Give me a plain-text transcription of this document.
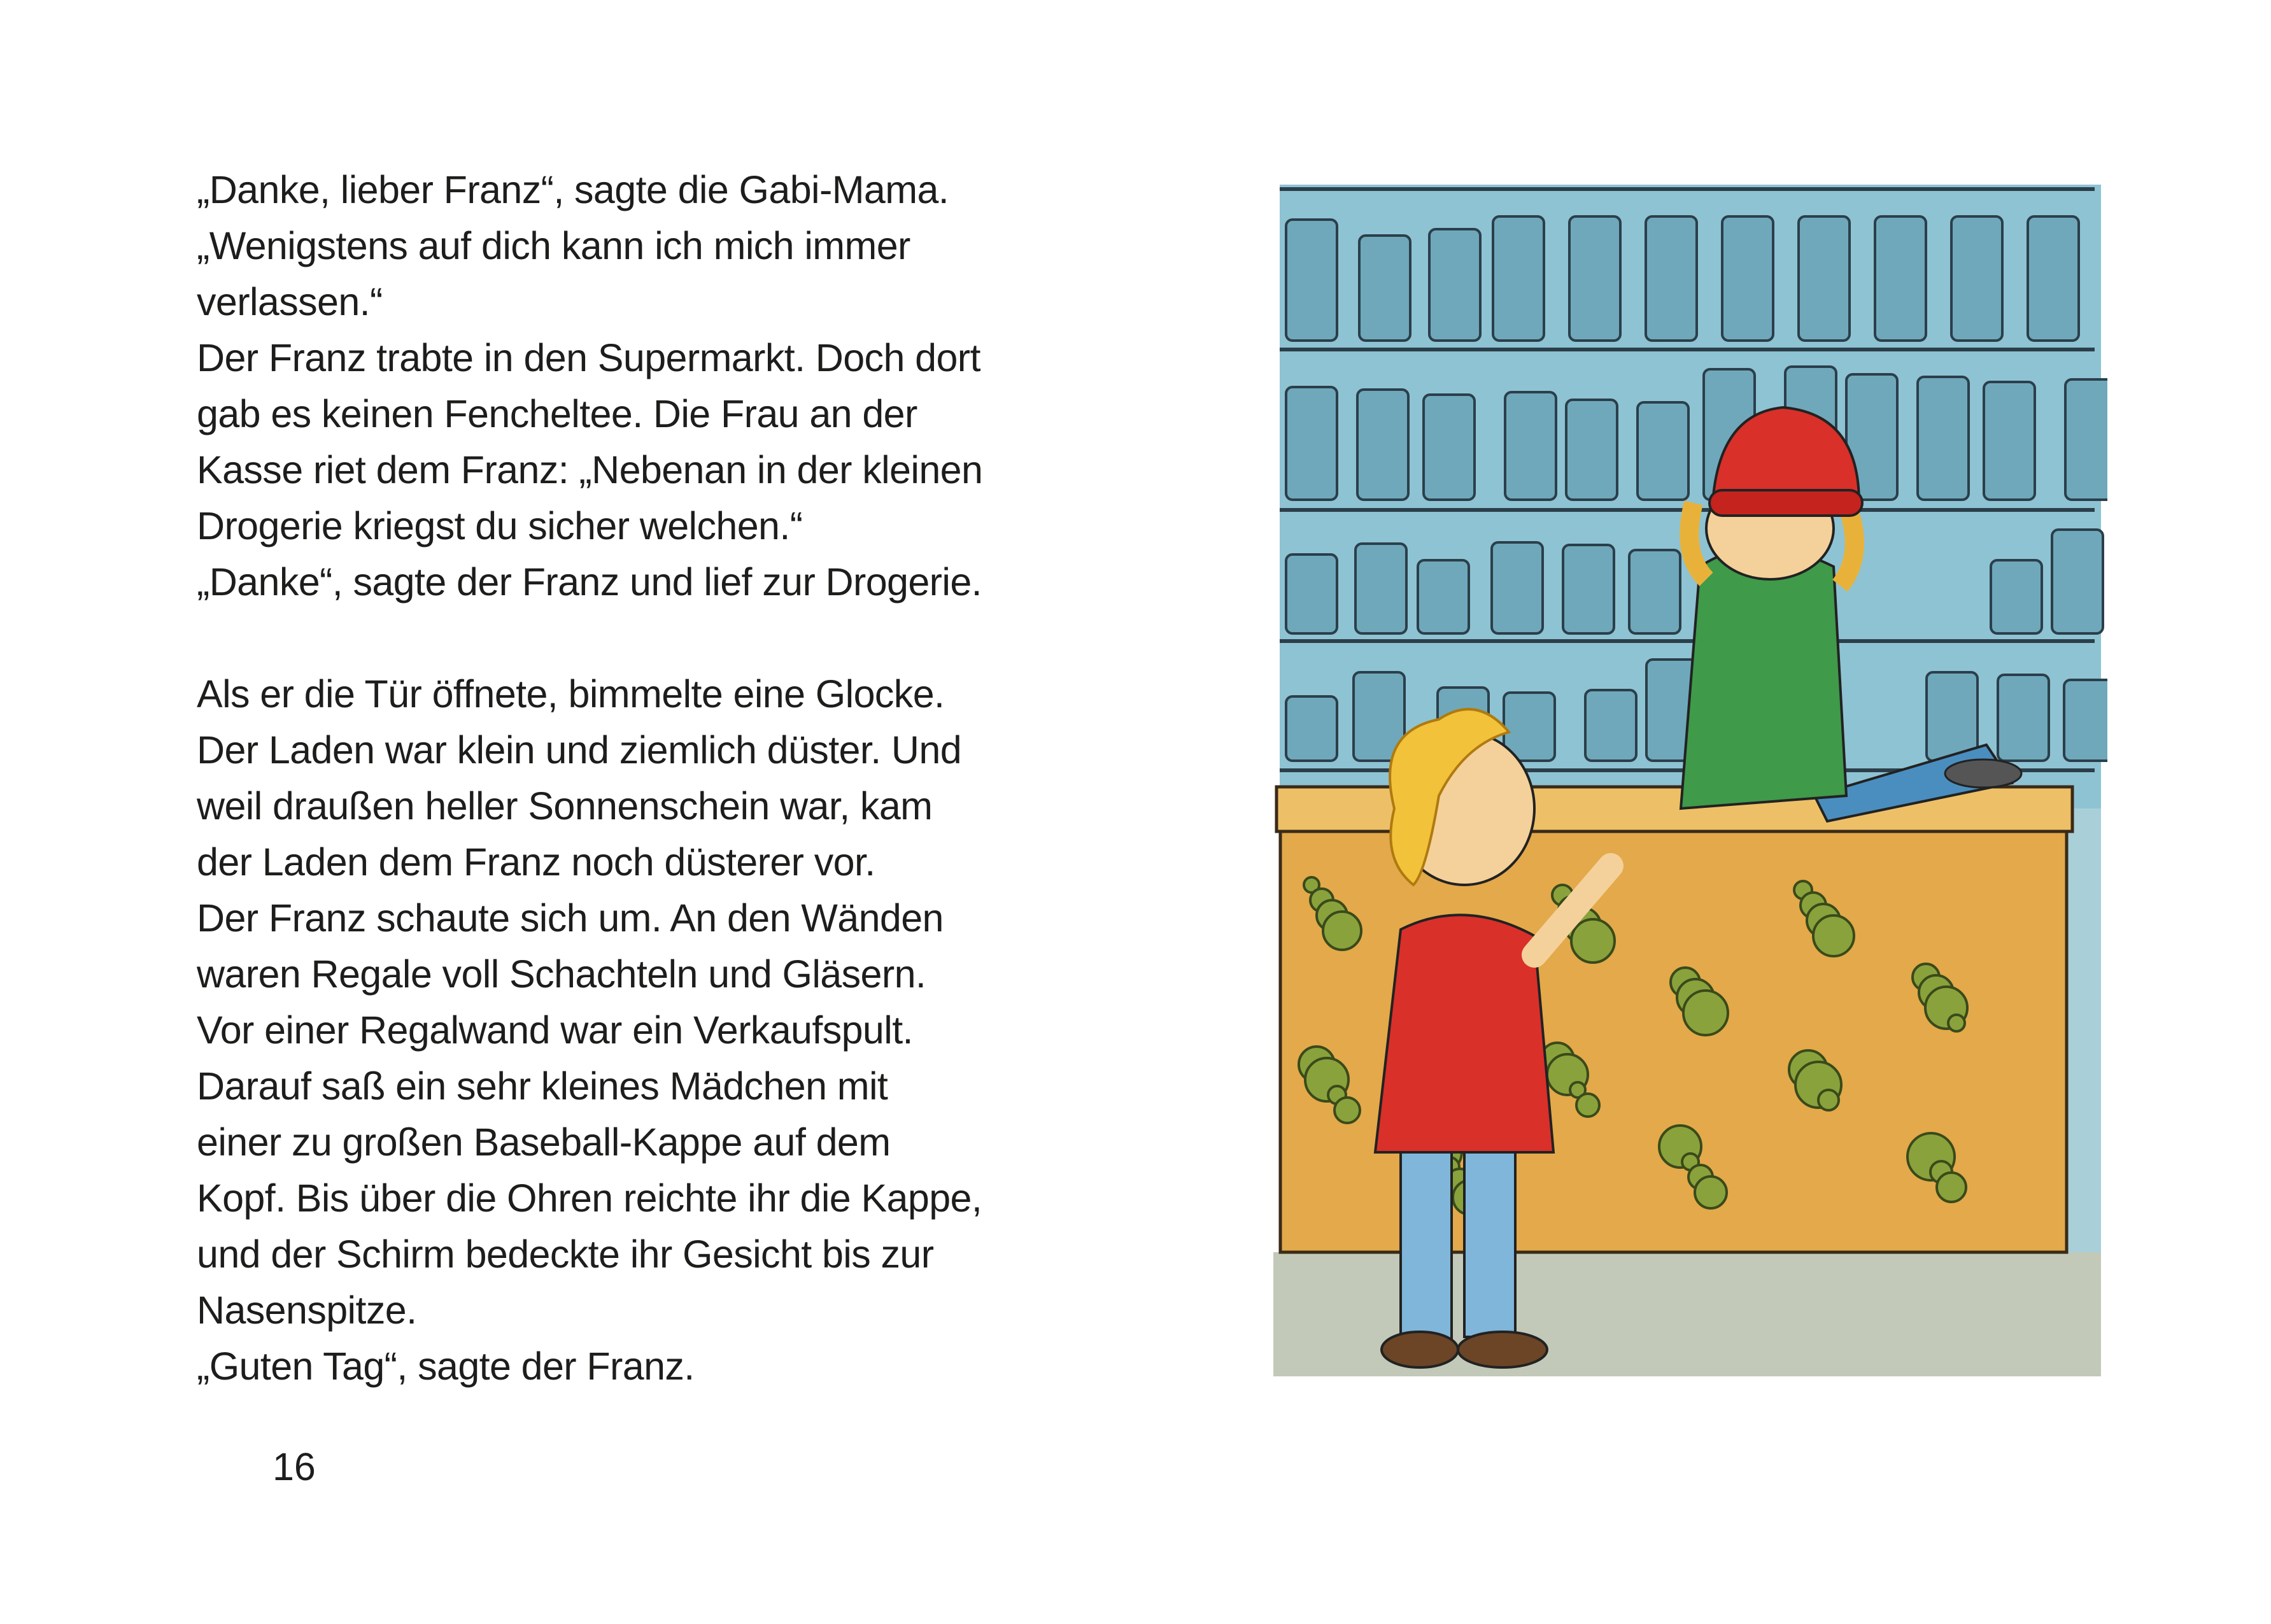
„Danke, lieber Franz“, sagte die Gabi-Mama.
„Wenigstens auf dich kann ich mich immer
verlassen.“
Der Franz trabte in den Supermarkt. Doch dort
gab es keinen Fencheltee. Die Frau an der
Kasse riet dem Franz: „Nebenan in der kleinen
Drogerie kriegst du sicher welchen.“
„Danke“, sagte der Franz und lief zur Drogerie.
Als er die Tür öffnete, bimmelte eine Glocke.
Der Laden war klein und ziemlich düster. Und
weil draußen heller Sonnenschein war, kam
der Laden dem Franz noch düsterer vor.
Der Franz schaute sich um. An den Wänden
waren Regale voll Schachteln und Gläsern.
Vor einer Regalwand war ein Verkaufspult.
Darauf saß ein sehr kleines Mädchen mit
einer zu großen Baseball-Kappe auf dem
Kopf. Bis über die Ohren reichte ihr die Kappe,
und der Schirm bedeckte ihr Gesicht bis zur
Nasenspitze.
„Guten Tag“, sagte der Franz.
16
